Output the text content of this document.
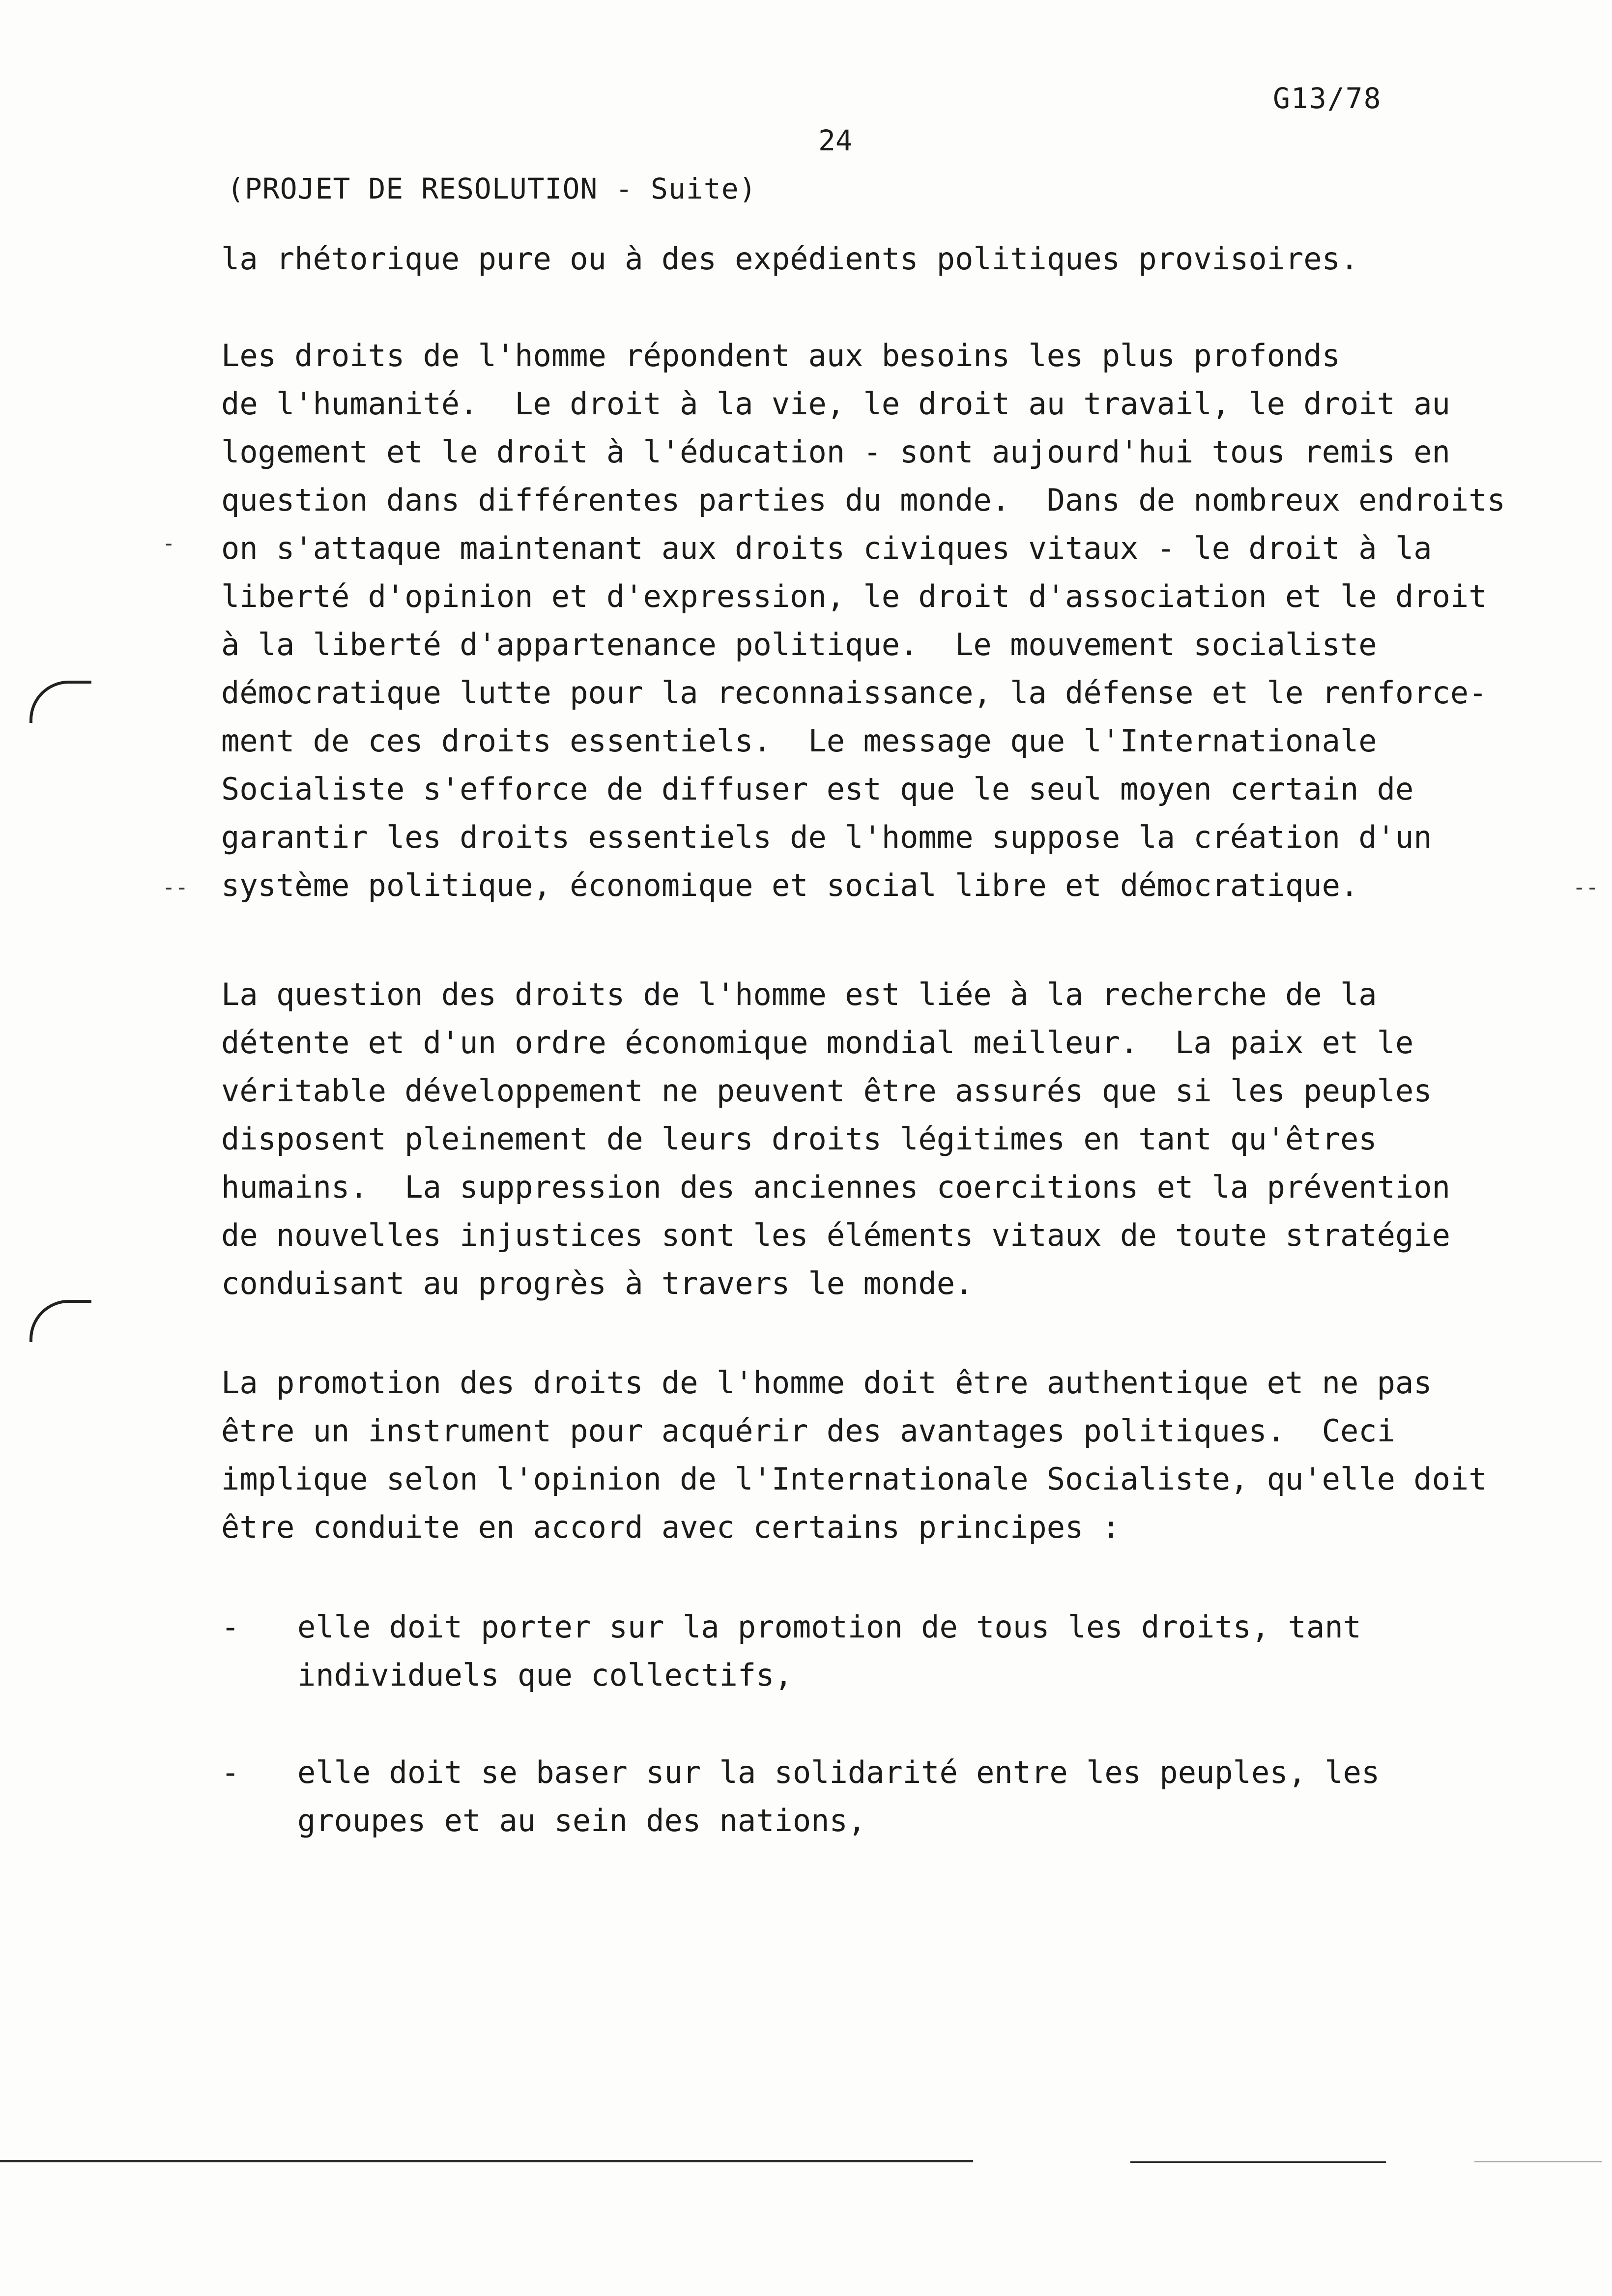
G13/78
24
(PROJET DE RESOLUTION - Suite)
la rhétorique pure ou à des expédients politiques provisoires.
Les droits de l'homme répondent aux besoins les plus profonds
de l'humanité.  Le droit à la vie, le droit au travail, le droit au
logement et le droit à l'éducation - sont aujourd'hui tous remis en
question dans différentes parties du monde.  Dans de nombreux endroits
on s'attaque maintenant aux droits civiques vitaux - le droit à la
liberté d'opinion et d'expression, le droit d'association et le droit
à la liberté d'appartenance politique.  Le mouvement socialiste
démocratique lutte pour la reconnaissance, la défense et le renforce-
ment de ces droits essentiels.  Le message que l'Internationale
Socialiste s'efforce de diffuser est que le seul moyen certain de
garantir les droits essentiels de l'homme suppose la création d'un
système politique, économique et social libre et démocratique.
La question des droits de l'homme est liée à la recherche de la
détente et d'un ordre économique mondial meilleur.  La paix et le
véritable développement ne peuvent être assurés que si les peuples
disposent pleinement de leurs droits légitimes en tant qu'êtres
humains.  La suppression des anciennes coercitions et la prévention
de nouvelles injustices sont les éléments vitaux de toute stratégie
conduisant au progrès à travers le monde.
La promotion des droits de l'homme doit être authentique et ne pas
être un instrument pour acquérir des avantages politiques.  Ceci
implique selon l'opinion de l'Internationale Socialiste, qu'elle doit
être conduite en accord avec certains principes :
- elle doit porter sur la promotion de tous les droits, tant
individuels que collectifs,
- elle doit se baser sur la solidarité entre les peuples, les
groupes et au sein des nations,
-
--	--
